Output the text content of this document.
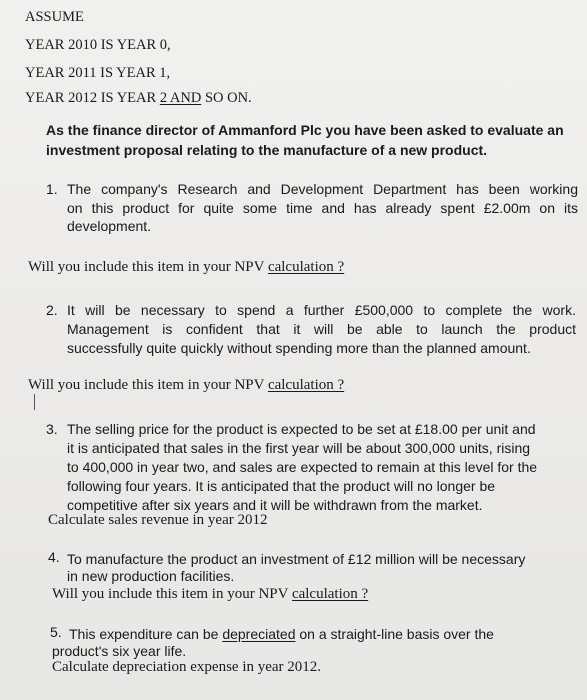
ASSUME
YEAR 2010 IS YEAR 0,
YEAR 2011 IS YEAR 1,
YEAR 2012 IS YEAR 2 AND SO ON.
As the finance director of Ammanford Plc you have been asked to evaluate an
investment proposal relating to the manufacture of a new product.
1. The company's Research and Development Department has been working
on this product for quite some time and has already spent £2.00m on its
development.
Will you include this item in your NPV calculation ?
2. It will be necessary to spend a further £500,000 to complete the work.
Management is confident that it will be able to launch the product
successfully quite quickly without spending more than the planned amount.
Will you include this item in your NPV calculation ?
3. The selling price for the product is expected to be set at £18.00 per unit and
it is anticipated that sales in the first year will be about 300,000 units, rising
to 400,000 in year two, and sales are expected to remain at this level for the
following four years. It is anticipated that the product will no longer be
competitive after six years and it will be withdrawn from the market.
Calculate sales revenue in year 2012
4. To manufacture the product an investment of £12 million will be necessary
in new production facilities.
Will you include this item in your NPV calculation ?
5. This expenditure can be depreciated on a straight-line basis over the
product's six year life.
Calculate depreciation expense in year 2012.
